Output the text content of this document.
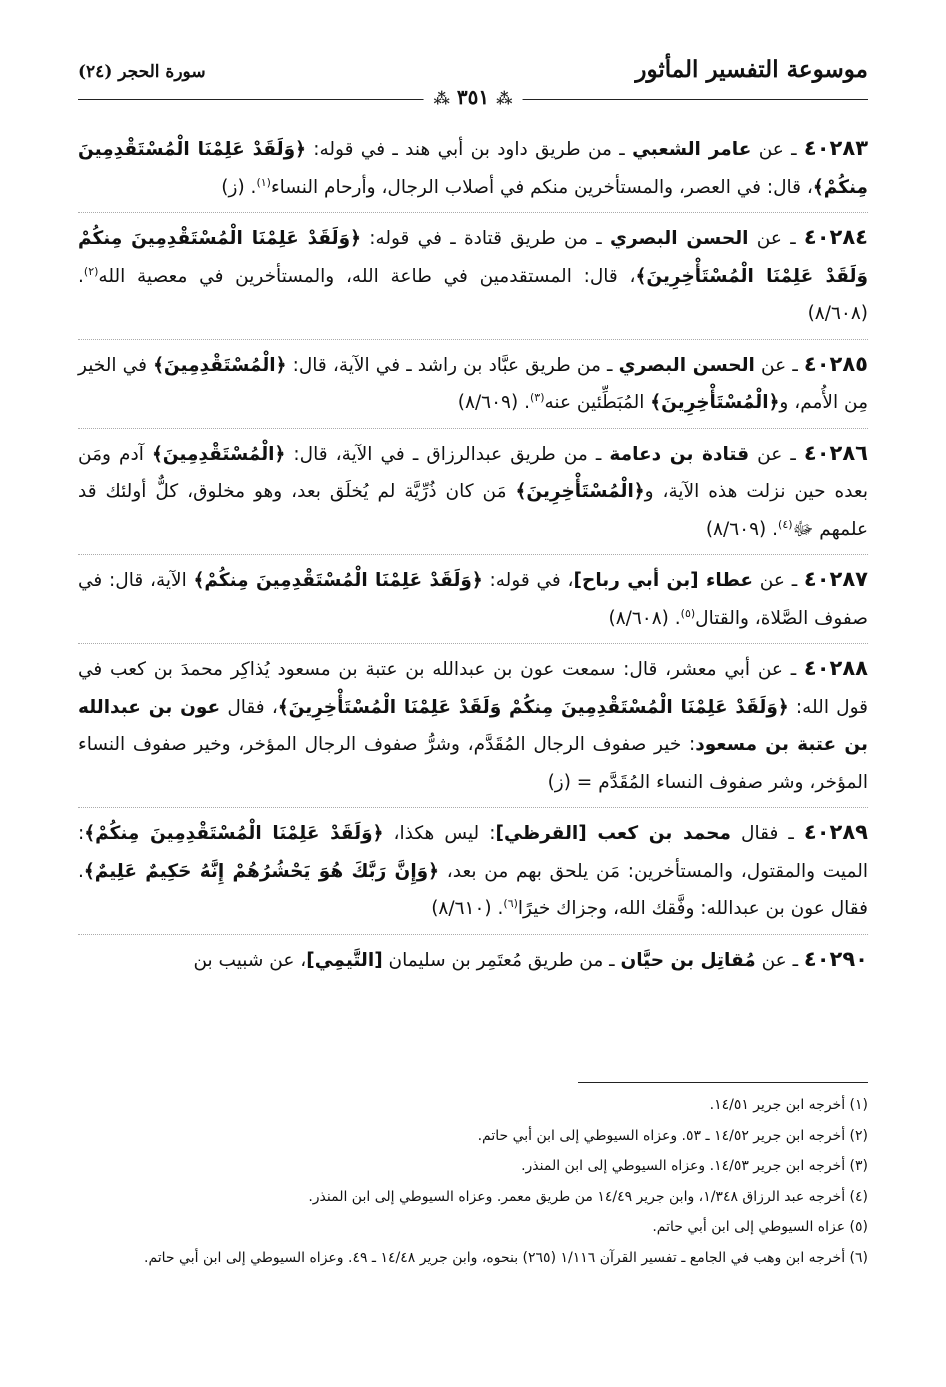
موسوعة التفسير المأثور
سورة الحجر (٢٤)
⁂ ٣٥١ ⁂

٤٠٢٨٣ ـ عن عامر الشعبي ـ من طريق داود بن أبي هند ـ في قوله: ﴿وَلَقَدْ عَلِمْنَا الْمُسْتَقْدِمِينَ مِنكُمْ﴾، قال: في العصر، والمستأخرين منكم في أصلاب الرجال، وأرحام النساء$^{(١)}$. (ز)

٤٠٢٨٤ ـ عن الحسن البصري ـ من طريق قتادة ـ في قوله: ﴿وَلَقَدْ عَلِمْنَا الْمُسْتَقْدِمِينَ مِنكُمْ وَلَقَدْ عَلِمْنَا الْمُسْتَأْخِرِينَ﴾، قال: المستقدمين في طاعة الله، والمستأخرين في معصية الله$^{(٢)}$. (٨/٦٠٨)

٤٠٢٨٥ ـ عن الحسن البصري ـ من طريق عبَّاد بن راشد ـ في الآية، قال: ﴿الْمُسْتَقْدِمِينَ﴾ في الخير مِن الأُمم، و﴿الْمُسْتَأْخِرِينَ﴾ المُبَطِّئين عنه$^{(٣)}$. (٨/٦٠٩)

٤٠٢٨٦ ـ عن قتادة بن دعامة ـ من طريق عبدالرزاق ـ في الآية، قال: ﴿الْمُسْتَقْدِمِينَ﴾ آدم ومَن بعده حين نزلت هذه الآية، و﴿الْمُسْتَأْخِرِينَ﴾ مَن كان ذُرِّيَّة لم يُخلَق بعد، وهو مخلوق، كلٌّ أولئك قد علمهم ﷻ$^{(٤)}$. (٨/٦٠٩)

٤٠٢٨٧ ـ عن عطاء [بن أبي رباح]، في قوله: ﴿وَلَقَدْ عَلِمْنَا الْمُسْتَقْدِمِينَ مِنكُمْ﴾ الآية، قال: في صفوف الصَّلاة، والقتال$^{(٥)}$. (٨/٦٠٨)

٤٠٢٨٨ ـ عن أبي معشر، قال: سمعت عون بن عبدالله بن عتبة بن مسعود يُذاكِر محمدَ بن كعب في قول الله: ﴿وَلَقَدْ عَلِمْنَا الْمُسْتَقْدِمِينَ مِنكُمْ وَلَقَدْ عَلِمْنَا الْمُسْتَأْخِرِينَ﴾، فقال عون بن عبدالله بن عتبة بن مسعود: خير صفوف الرجال المُقَدَّم، وشرُّ صفوف الرجال المؤخر، وخير صفوف النساء المؤخر، وشر صفوف النساء المُقَدَّم = (ز)

٤٠٢٨٩ ـ فقال محمد بن كعب [القرظي]: ليس هكذا، ﴿وَلَقَدْ عَلِمْنَا الْمُسْتَقْدِمِينَ مِنكُمْ﴾: الميت والمقتول، والمستأخرين: مَن يلحق بهم من بعد، ﴿وَإِنَّ رَبَّكَ هُوَ يَحْشُرُهُمْ إِنَّهُ حَكِيمٌ عَلِيمٌ﴾. فقال عون بن عبدالله: وفَّقك الله، وجزاك خيرًا$^{(٦)}$. (٨/٦١٠)

٤٠٢٩٠ ـ عن مُقاتِل بن حيَّان ـ من طريق مُعتَمِر بن سليمان [التَّيمِي]، عن شبيب بن

(١) أخرجه ابن جرير ١٤/٥١.

(٢) أخرجه ابن جرير ١٤/٥٢ ـ ٥٣. وعزاه السيوطي إلى ابن أبي حاتم.

(٣) أخرجه ابن جرير ١٤/٥٣. وعزاه السيوطي إلى ابن المنذر.

(٤) أخرجه عبد الرزاق ١/٣٤٨، وابن جرير ١٤/٤٩ من طريق معمر. وعزاه السيوطي إلى ابن المنذر.

(٥) عزاه السيوطي إلى ابن أبي حاتم.

(٦) أخرجه ابن وهب في الجامع ـ تفسير القرآن ١/١١٦ (٢٦٥) بنحوه، وابن جرير ١٤/٤٨ ـ ٤٩. وعزاه السيوطي إلى ابن أبي حاتم.
